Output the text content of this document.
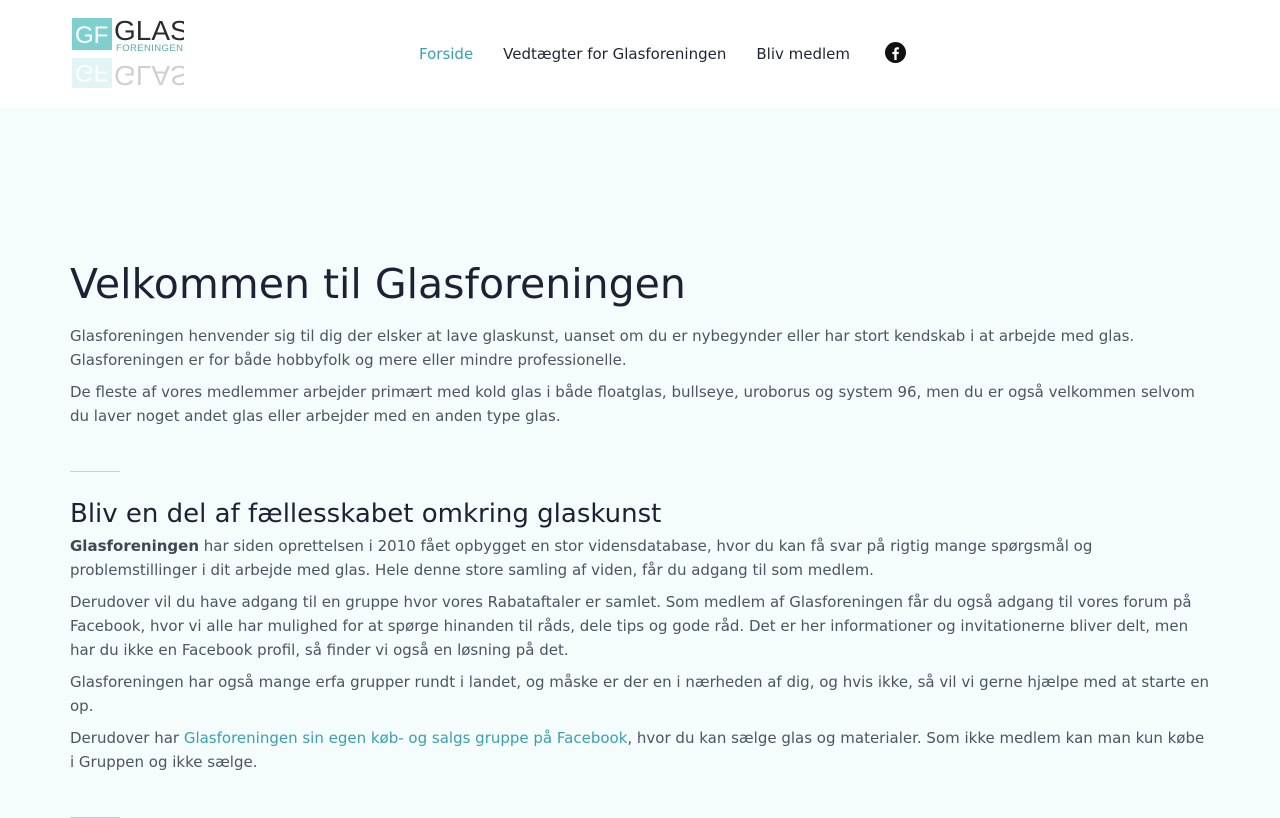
GF GLAS
FORENINGEN
GF GLAS
Forside Vedtægter for Glasforeningen Bliv medlem
Velkommen til Glasforeningen

Glasforeningen henvender sig til dig der elsker at lave glaskunst, uanset om du er nybegynder eller har stort kendskab i at arbejde med glas. Glasforeningen er for både hobbyfolk og mere eller mindre professionelle.

De fleste af vores medlemmer arbejder primært med kold glas i både floatglas, bullseye, uroborus og system 96, men du er også velkommen selvom du laver noget andet glas eller arbejder med en anden type glas.

Bliv en del af fællesskabet omkring glaskunst

Glasforeningen har siden oprettelsen i 2010 fået opbygget en stor vidensdatabase, hvor du kan få svar på rigtig mange spørgsmål og problemstillinger i dit arbejde med glas. Hele denne store samling af viden, får du adgang til som medlem.

Derudover vil du have adgang til en gruppe hvor vores Rabataftaler er samlet. Som medlem af Glasforeningen får du også adgang til vores forum på Facebook, hvor vi alle har mulighed for at spørge hinanden til råds, dele tips og gode råd. Det er her informationer og invitationerne bliver delt, men har du ikke en Facebook profil, så finder vi også en løsning på det.

Glasforeningen har også mange erfa grupper rundt i landet, og måske er der en i nærheden af dig, og hvis ikke, så vil vi gerne hjælpe med at starte en op.

Derudover har Glasforeningen sin egen køb- og salgs gruppe på Facebook, hvor du kan sælge glas og materialer. Som ikke medlem kan man kun købe i Gruppen og ikke sælge.
